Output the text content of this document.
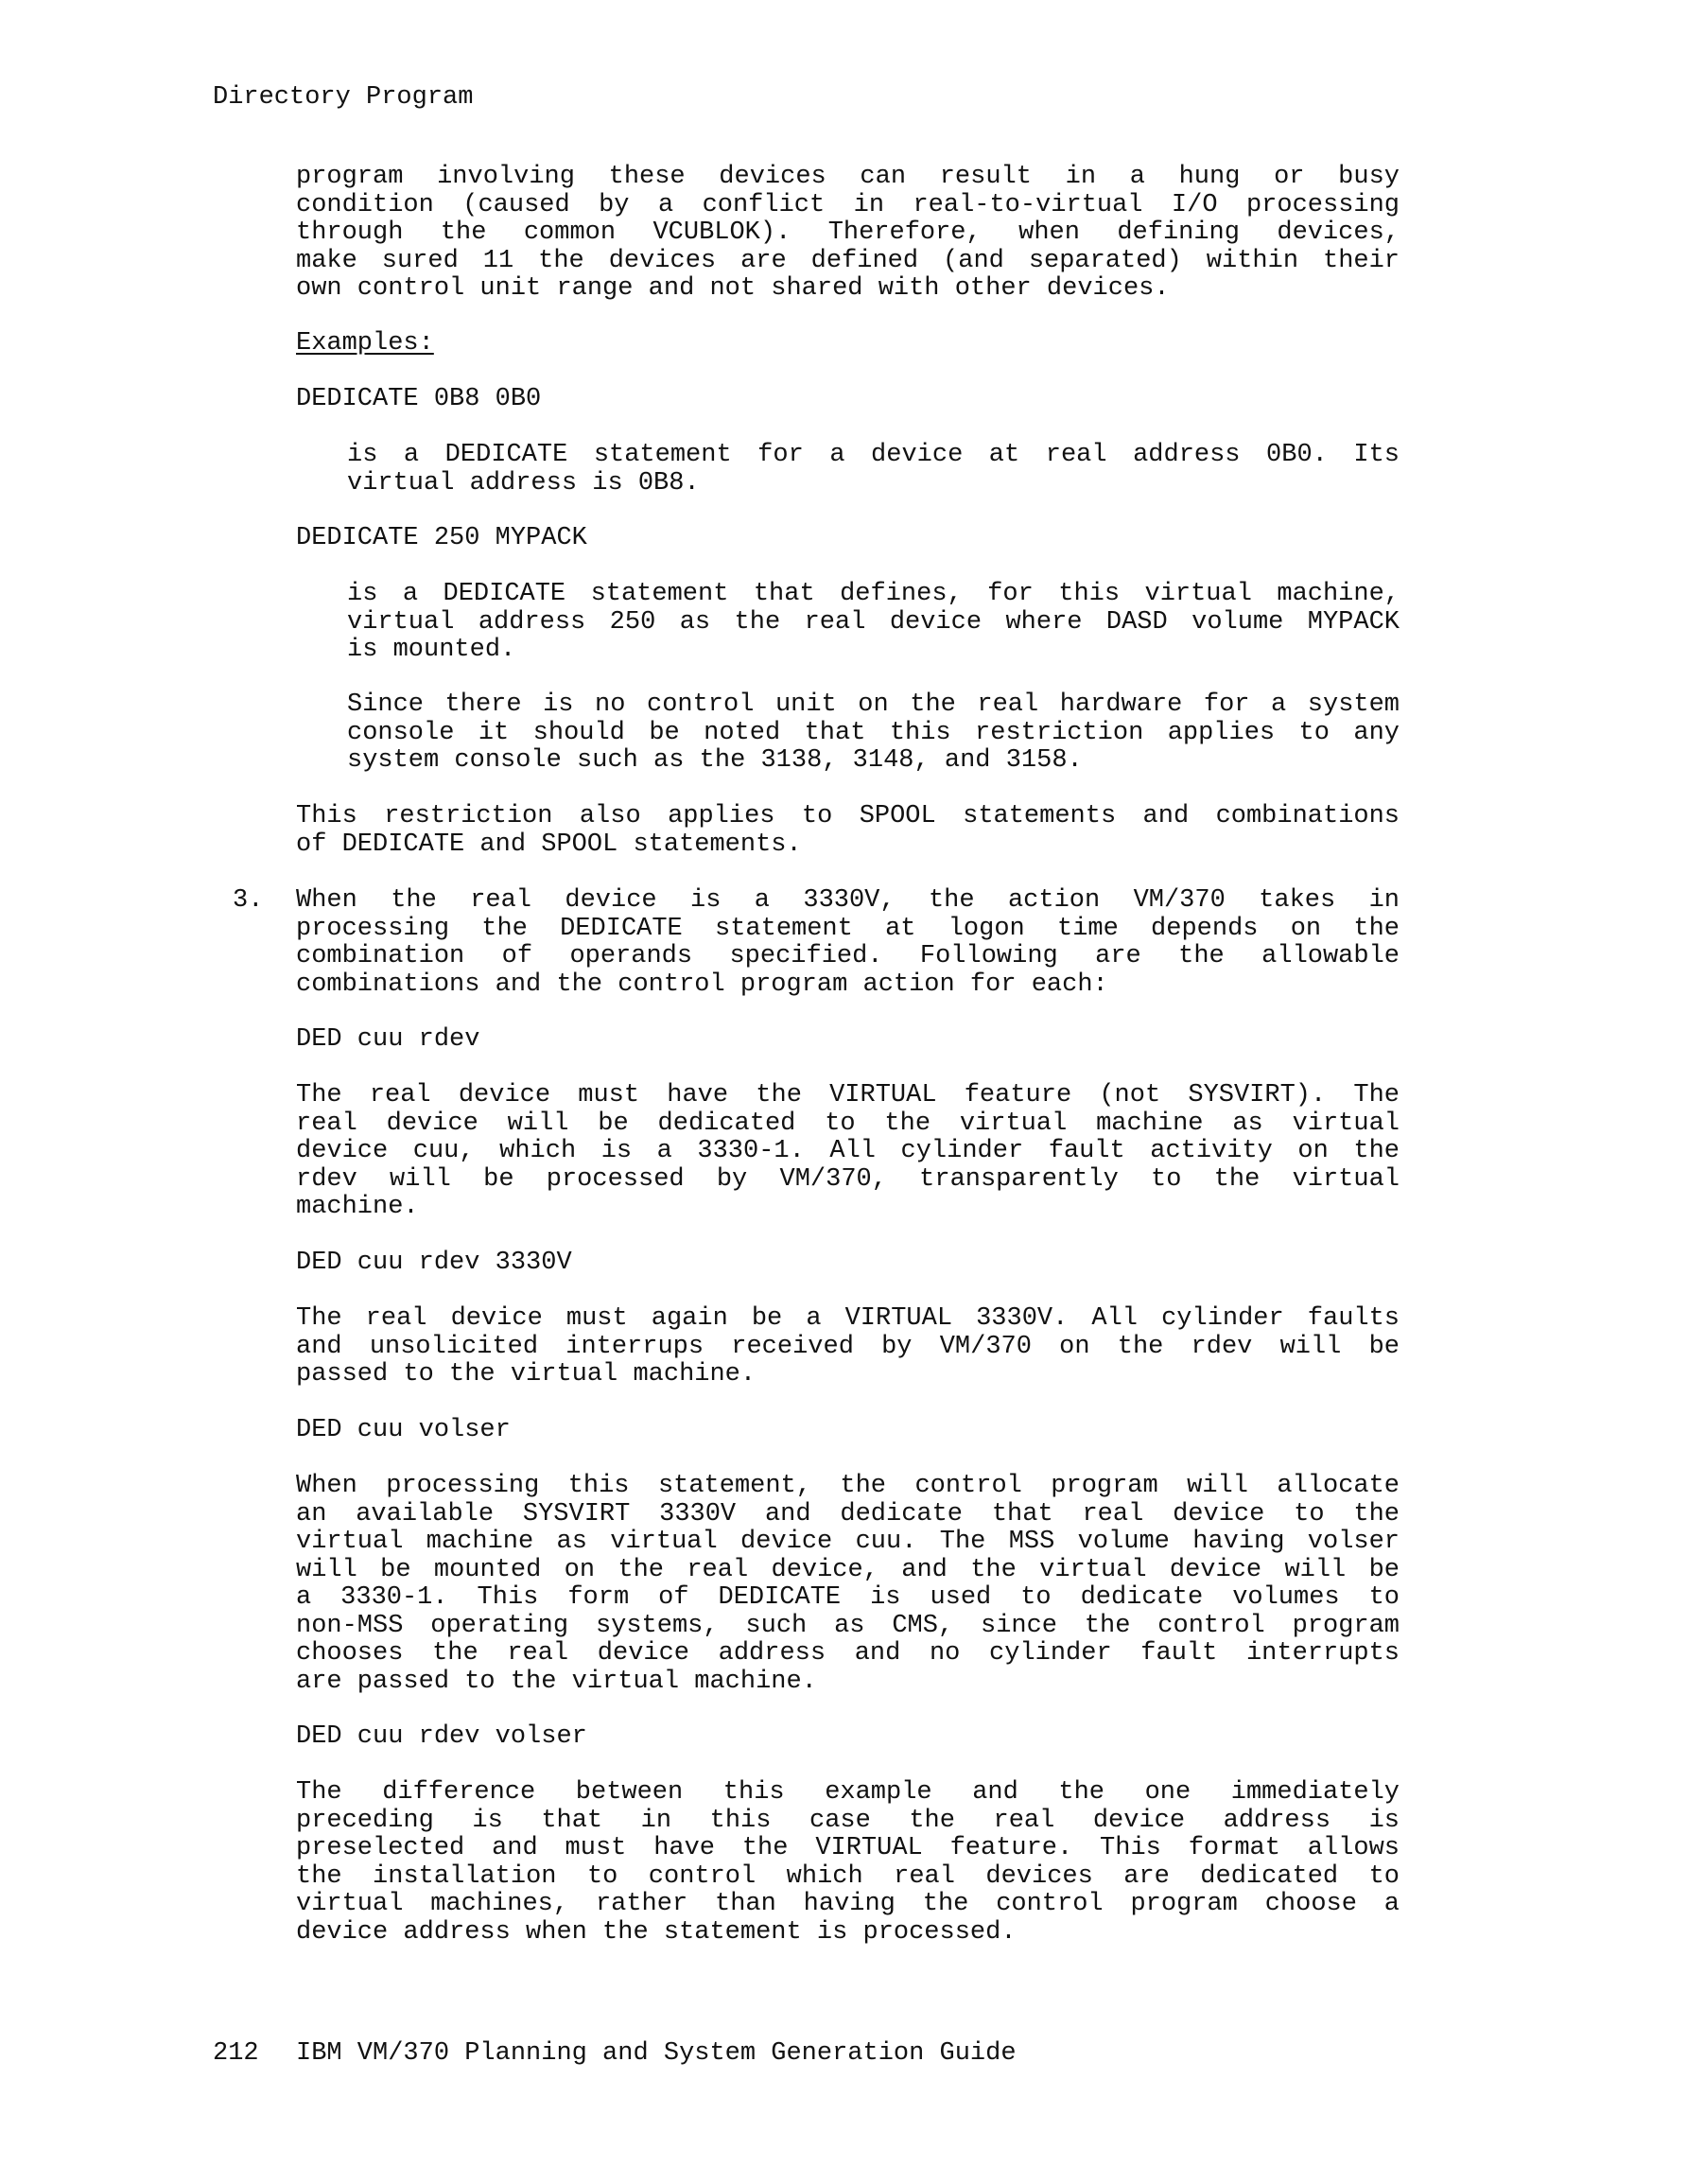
Directory Program
program involving these devices can result in a hung or busy
condition (caused by a conflict in real-to-virtual I/O processing
through the common VCUBLOK). Therefore, when defining devices,
make sured 11 the devices are defined (and separated) within their
own control unit range and not shared with other devices.
Examples:
DEDICATE 0B8 0B0
is a DEDICATE statement for a device at real address 0B0. Its
virtual address is 0B8.
DEDICATE 250 MYPACK
is a DEDICATE statement that defines, for this virtual machine,
virtual address 250 as the real device where DASD volume MYPACK
is mounted.
Since there is no control unit on the real hardware for a system
console it should be noted that this restriction applies to any
system console such as the 3138, 3148, and 3158.
This restriction also applies to SPOOL statements and combinations
of DEDICATE and SPOOL statements.
3. When the real device is a 3330V, the action VM/370 takes in
processing the DEDICATE statement at logon time depends on the
combination of operands specified. Following are the allowable
combinations and the control program action for each:
DED cuu rdev
The real device must have the VIRTUAL feature (not SYSVIRT). The
real device will be dedicated to the virtual machine as virtual
device cuu, which is a 3330-1. All cylinder fault activity on the
rdev will be processed by VM/370, transparently to the virtual
machine.
DED cuu rdev 3330V
The real device must again be a VIRTUAL 3330V. All cylinder faults
and unsolicited interrups received by VM/370 on the rdev will be
passed to the virtual machine.
DED cuu volser
When processing this statement, the control program will allocate
an available SYSVIRT 3330V and dedicate that real device to the
virtual machine as virtual device cuu. The MSS volume having volser
will be mounted on the real device, and the virtual device will be
a 3330-1. This form of DEDICATE is used to dedicate volumes to
non-MSS operating systems, such as CMS, since the control program
chooses the real device address and no cylinder fault interrupts
are passed to the virtual machine.
DED cuu rdev volser
The difference between this example and the one immediately
preceding is that in this case the real device address is
preselected and must have the VIRTUAL feature. This format allows
the installation to control which real devices are dedicated to
virtual machines, rather than having the control program choose a
device address when the statement is processed.
212 IBM VM/370 Planning and System Generation Guide
